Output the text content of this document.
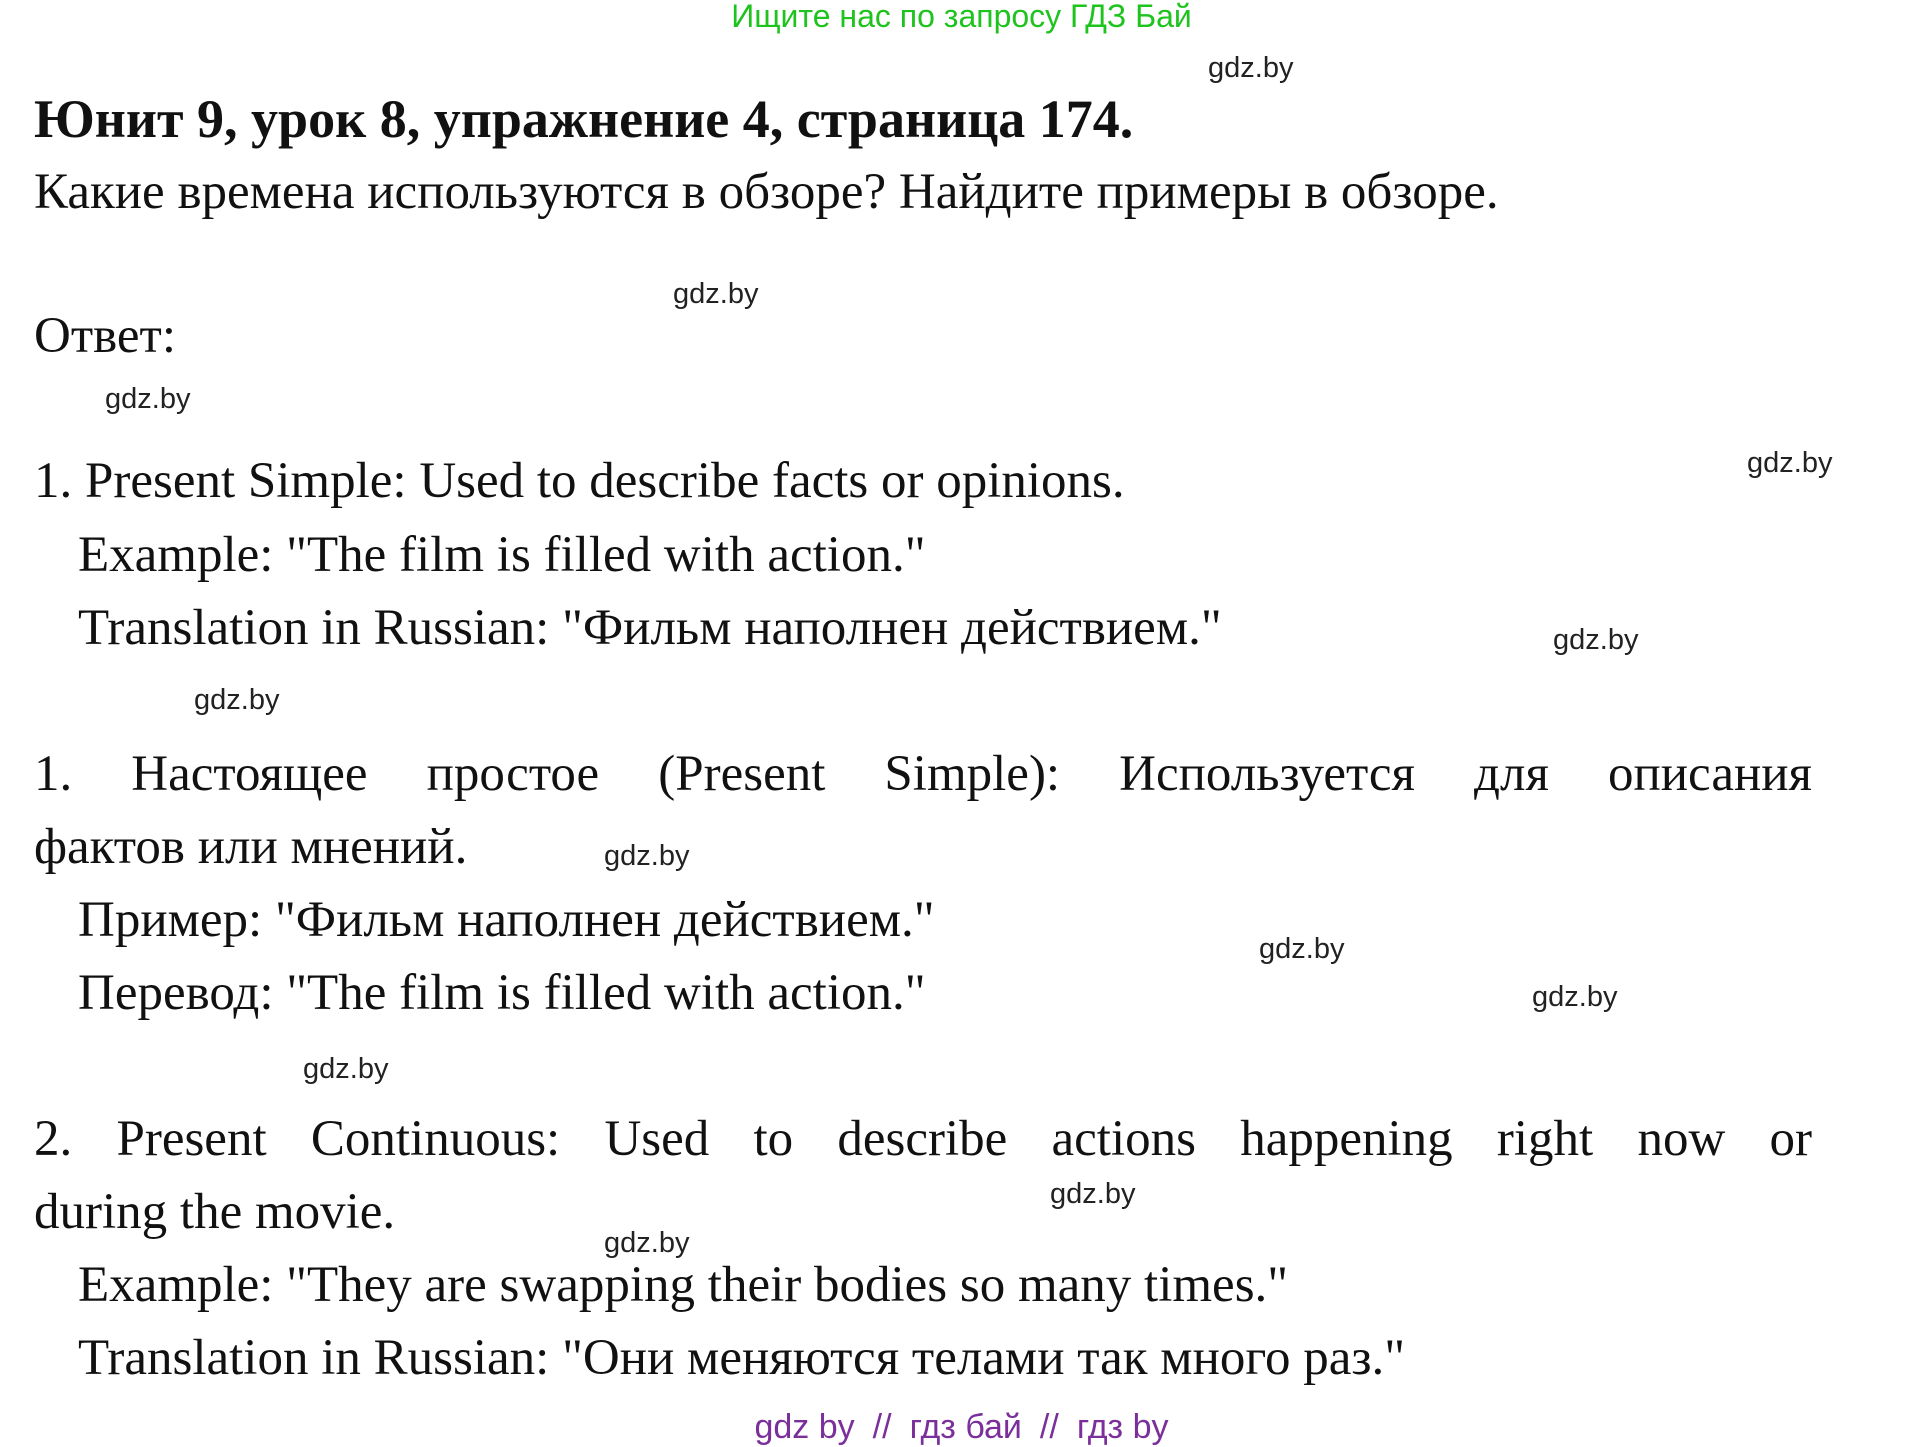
Ищите нас по запросу ГДЗ Бай
Юнит 9, урок 8, упражнение 4, страница 174.
Какие времена используются в обзоре? Найдите примеры в обзоре.
Ответ:
1. Present Simple: Used to describe facts or opinions.
Example: "The film is filled with action."
Translation in Russian: "Фильм наполнен действием."
1. Настоящее простое (Present Simple): Используется для описания
фактов или мнений.
Пример: "Фильм наполнен действием."
Перевод: "The film is filled with action."
2. Present Continuous: Used to describe actions happening right now or
during the movie.
Example: "They are swapping their bodies so many times."
Translation in Russian: "Они меняются телами так много раз."
gdz.by
gdz.by
gdz.by
gdz.by
gdz.by
gdz.by
gdz.by
gdz.by
gdz.by
gdz.by
gdz.by
gdz.by
gdz by // гдз бай // гдз by
